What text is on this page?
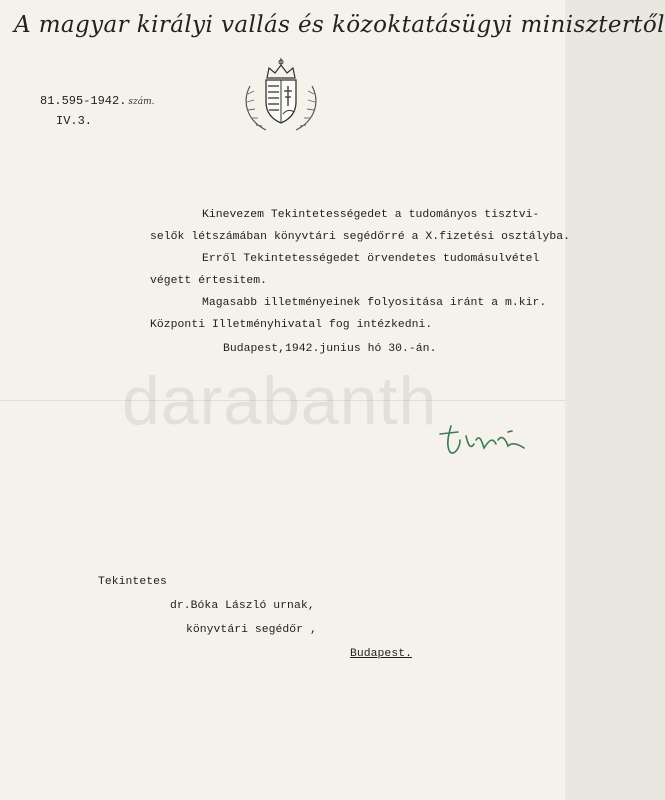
A magyar királyi vallás és közoktatásügyi minisztertől
81.595-1942. szám.
IV.3.
Kinevezem Tekintetességedet a tudományos tisztvi-
selők létszámában könyvtári segédőrré a X.fizetési osztályba.
Erről Tekintetességedet örvendetes tudomásulvétel
végett értesitem.
Magasabb illetményeinek folyositása iránt a m.kir.
Központi Illetményhivatal fog intézkedni.
Budapest,1942.junius hó 30.-án.
darabanth
Tekintetes
dr.Bóka László urnak,
könyvtári segédőr ,
Budapest.
